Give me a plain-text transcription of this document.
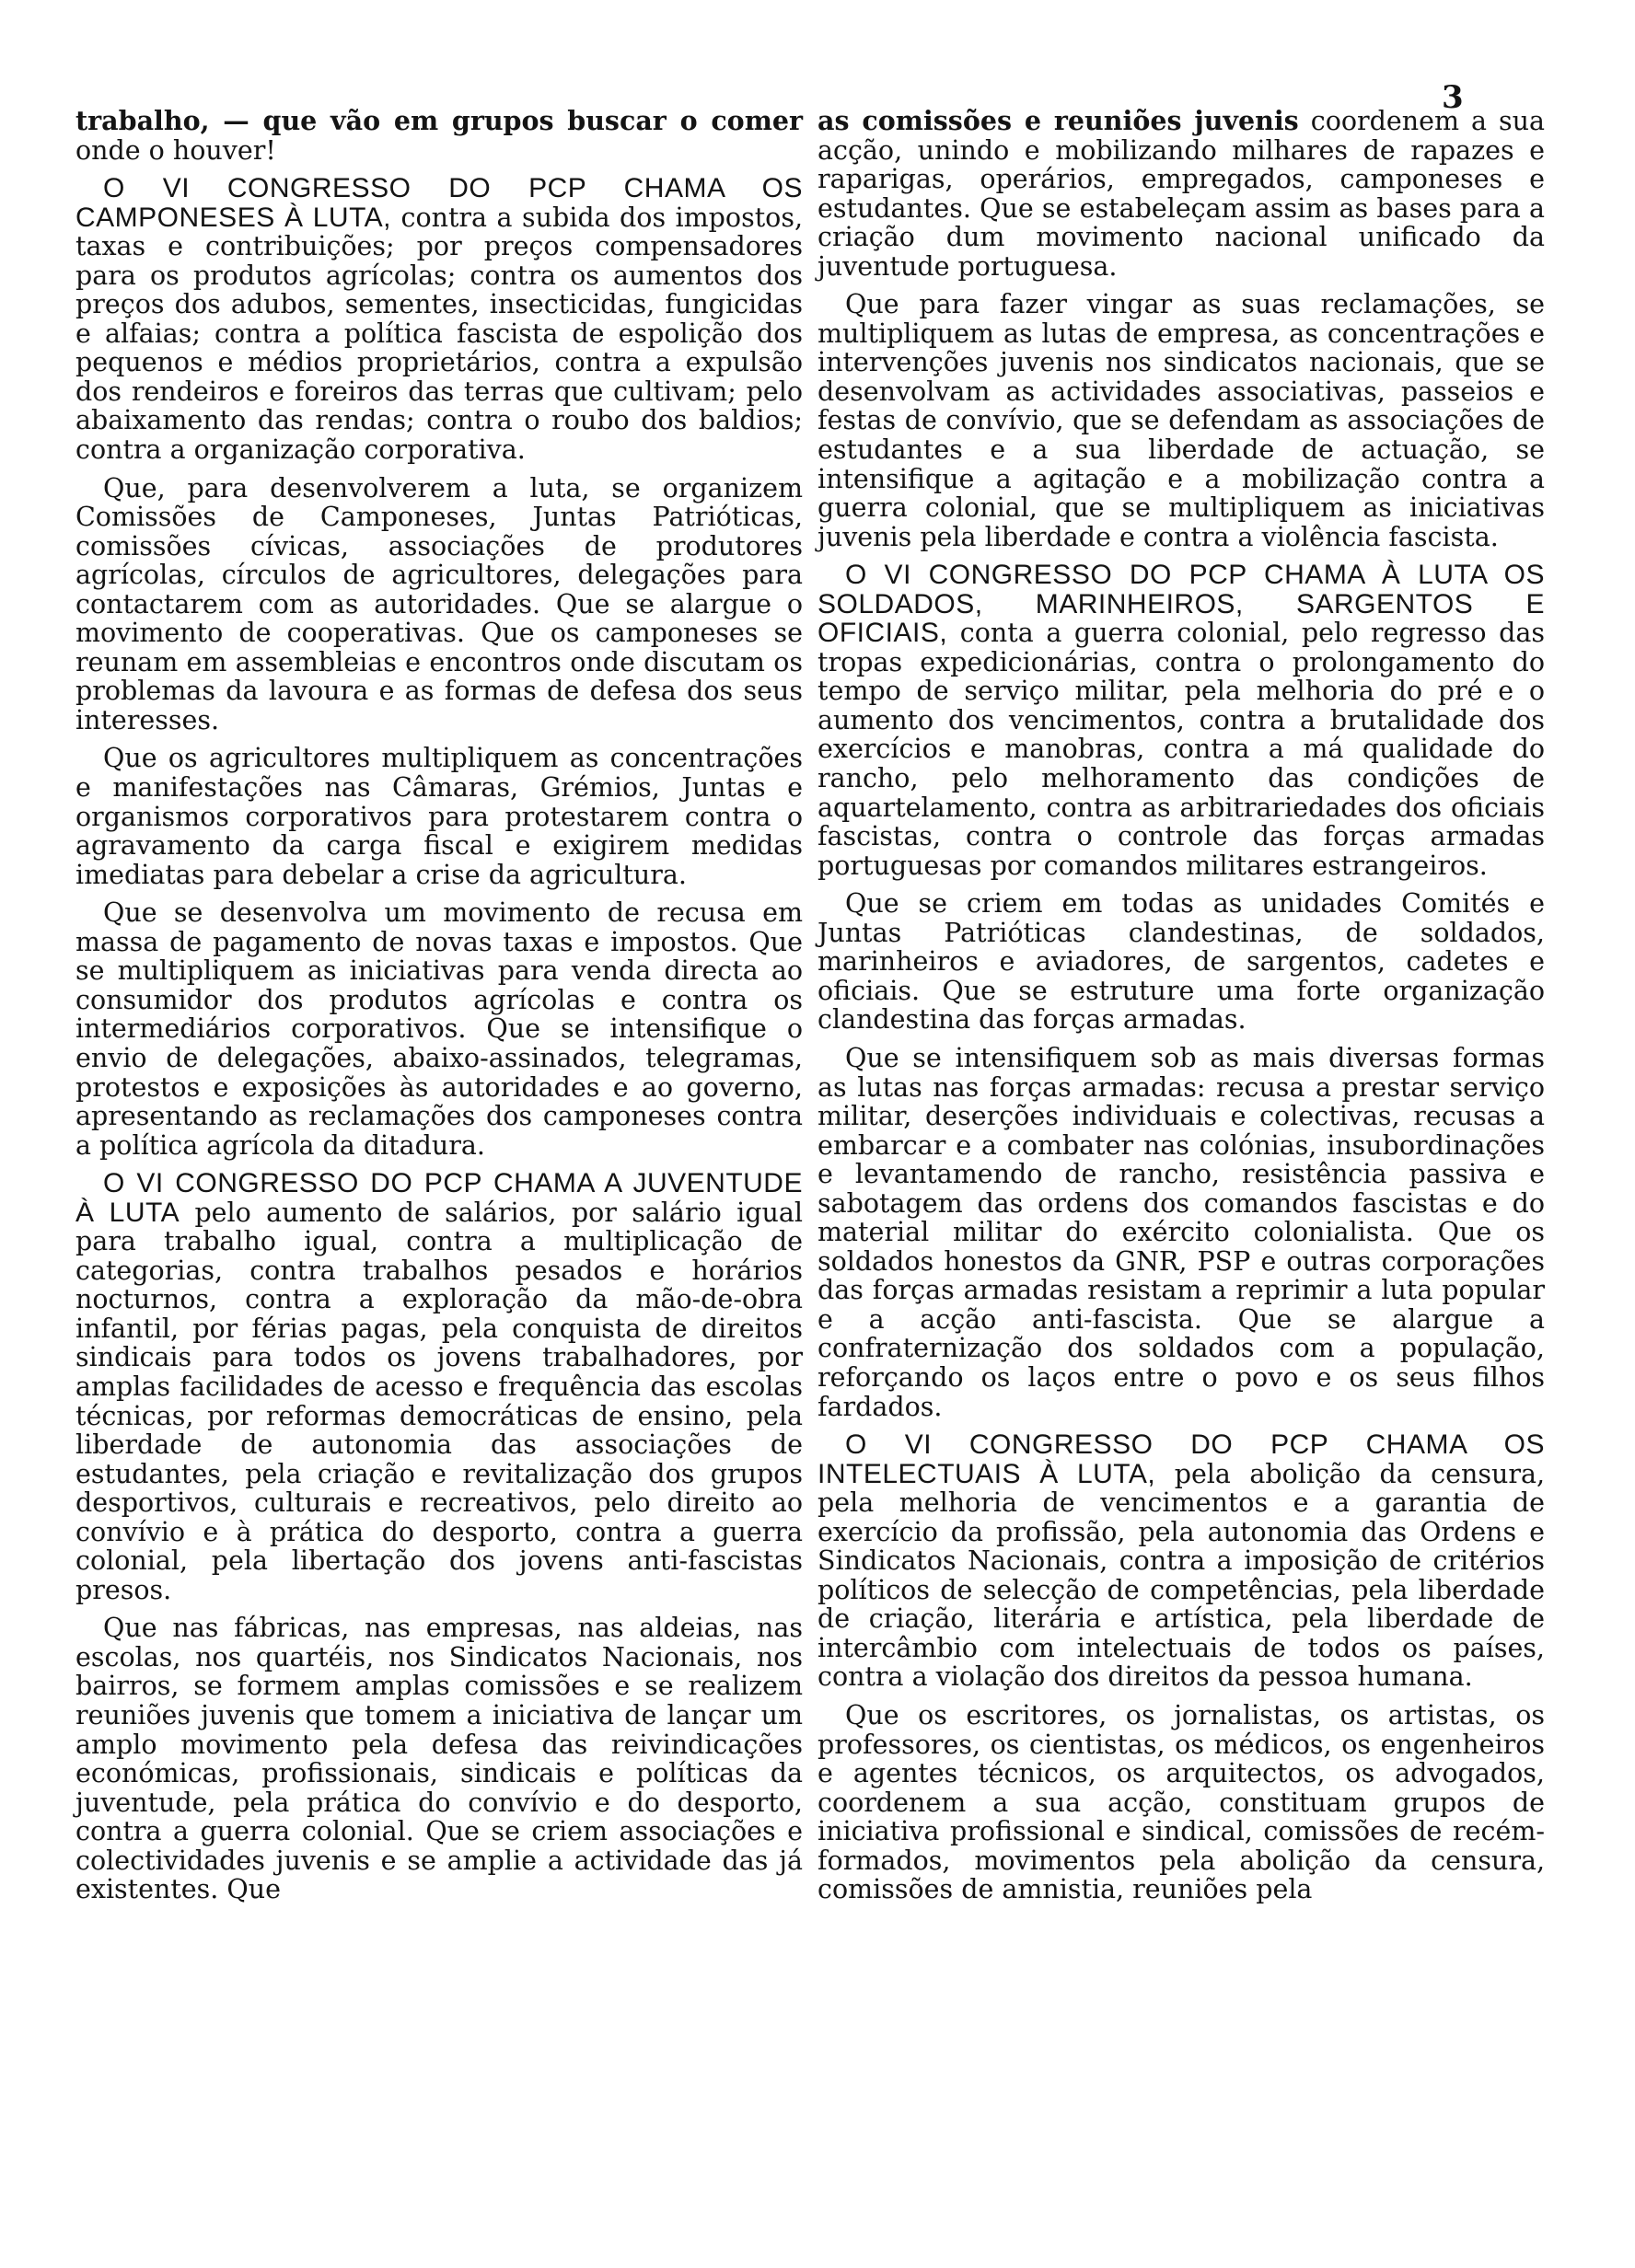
3

trabalho, — que vão em grupos buscar o comer onde o houver!

O VI CONGRESSO DO PCP CHAMA OS CAMPONESES À LUTA, contra a subida dos impostos, taxas e contribuições; por preços compensadores para os produtos agrícolas; contra os aumentos dos preços dos adubos, sementes, insecticidas, fungicidas e alfaias; contra a política fascista de espolição dos pequenos e médios proprietários, contra a expulsão dos rendeiros e foreiros das terras que cultivam; pelo abaixamento das rendas; contra o roubo dos baldios; contra a organização corporativa.

Que, para desenvolverem a luta, se organizem Comissões de Camponeses, Juntas Patrióticas, comissões cívicas, associações de produtores agrícolas, círculos de agricultores, delegações para contactarem com as autoridades. Que se alargue o movimento de cooperativas. Que os camponeses se reunam em assembleias e encontros onde discutam os problemas da lavoura e as formas de defesa dos seus interesses.

Que os agricultores multipliquem as concentrações e manifestações nas Câmaras, Grémios, Juntas e organismos corporativos para protestarem contra o agravamento da carga fiscal e exigirem medidas imediatas para debelar a crise da agricultura.

Que se desenvolva um movimento de recusa em massa de pagamento de novas taxas e impostos. Que se multipliquem as iniciativas para venda directa ao consumidor dos produtos agrícolas e contra os intermediários corporativos. Que se intensifique o envio de delegações, abaixo-assinados, telegramas, protestos e exposições às autoridades e ao governo, apresentando as reclamações dos camponeses contra a política agrícola da ditadura.

O VI CONGRESSO DO PCP CHAMA A JUVENTUDE À LUTA pelo aumento de salários, por salário igual para trabalho igual, contra a multiplicação de categorias, contra trabalhos pesados e horários nocturnos, contra a exploração da mão-de-obra infantil, por férias pagas, pela conquista de direitos sindicais para todos os jovens trabalhadores, por amplas facilidades de acesso e frequência das escolas técnicas, por reformas democráticas de ensino, pela liberdade de autonomia das associações de estudantes, pela criação e revitalização dos grupos desportivos, culturais e recreativos, pelo direito ao convívio e à prática do desporto, contra a guerra colonial, pela libertação dos jovens anti-fascistas presos.

Que nas fábricas, nas empresas, nas aldeias, nas escolas, nos quartéis, nos Sindicatos Nacionais, nos bairros, se formem amplas comissões e se realizem reuniões juvenis que tomem a iniciativa de lançar um amplo movimento pela defesa das reivindicações económicas, profissionais, sindicais e políticas da juventude, pela prática do convívio e do desporto, contra a guerra colonial. Que se criem associações e colectividades juvenis e se amplie a actividade das já existentes. Que

as comissões e reuniões juvenis coordenem a sua acção, unindo e mobilizando milhares de rapazes e raparigas, operários, empregados, camponeses e estudantes. Que se estabeleçam assim as bases para a criação dum movimento nacional unificado da juventude portuguesa.

Que para fazer vingar as suas reclamações, se multipliquem as lutas de empresa, as concentrações e intervenções juvenis nos sindicatos nacionais, que se desenvolvam as actividades associativas, passeios e festas de convívio, que se defendam as associações de estudantes e a sua liberdade de actuação, se intensifique a agitação e a mobilização contra a guerra colonial, que se multipliquem as iniciativas juvenis pela liberdade e contra a violência fascista.

O VI CONGRESSO DO PCP CHAMA À LUTA OS SOLDADOS, MARINHEIROS, SARGENTOS E OFICIAIS, conta a guerra colonial, pelo regresso das tropas expedicionárias, contra o prolongamento do tempo de serviço militar, pela melhoria do pré e o aumento dos vencimentos, contra a brutalidade dos exercícios e manobras, contra a má qualidade do rancho, pelo melhoramento das condições de aquartelamento, contra as arbitrariedades dos oficiais fascistas, contra o controle das forças armadas portuguesas por comandos militares estrangeiros.

Que se criem em todas as unidades Comités e Juntas Patrióticas clandestinas, de soldados, marinheiros e aviadores, de sargentos, cadetes e oficiais. Que se estruture uma forte organização clandestina das forças armadas.

Que se intensifiquem sob as mais diversas formas as lutas nas forças armadas: recusa a prestar serviço militar, deserções individuais e colectivas, recusas a embarcar e a combater nas colónias, insubordinações e levantamendo de rancho, resistência passiva e sabotagem das ordens dos comandos fascistas e do material militar do exército colonialista. Que os soldados honestos da GNR, PSP e outras corporações das forças armadas resistam a reprimir a luta popular e a acção anti-fascista. Que se alargue a confraternização dos soldados com a população, reforçando os laços entre o povo e os seus filhos fardados.

O VI CONGRESSO DO PCP CHAMA OS INTELECTUAIS À LUTA, pela abolição da censura, pela melhoria de vencimentos e a garantia de exercício da profissão, pela autonomia das Ordens e Sindicatos Nacionais, contra a imposição de critérios políticos de selecção de competências, pela liberdade de criação, literária e artística, pela liberdade de intercâmbio com intelectuais de todos os países, contra a violação dos direitos da pessoa humana.

Que os escritores, os jornalistas, os artistas, os professores, os cientistas, os médicos, os engenheiros e agentes técnicos, os arquitectos, os advogados, coordenem a sua acção, constituam grupos de iniciativa profissional e sindical, comissões de recém-formados, movimentos pela abolição da censura, comissões de amnistia, reuniões pela
